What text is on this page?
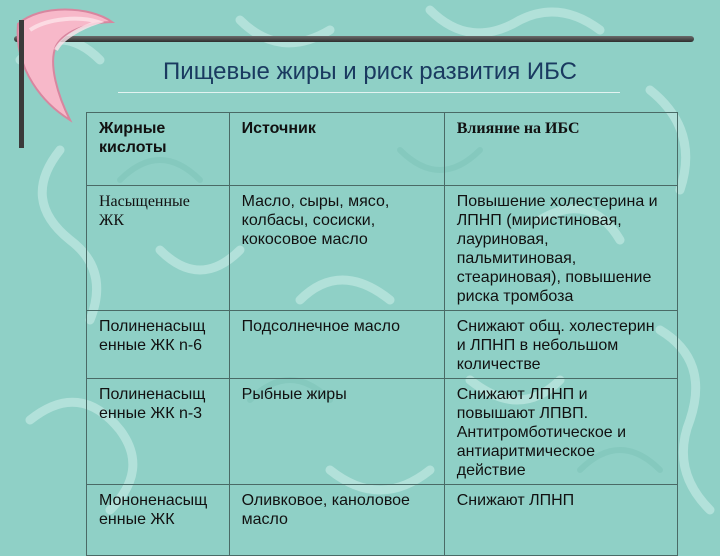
Пищевые жиры и риск развития ИБС
Жирные кислоты	Источник	Влияние на ИБС
Насыщенные ЖК	Масло, сыры, мясо, колбасы, сосиски, кокосовое масло	Повышение холестерина и ЛПНП (миристиновая, лауриновая, пальмитиновая, стеариновая), повышение риска тромбоза
Полиненасыщ енные ЖК n-6	Подсолнечное масло	Снижают общ. холестерин и ЛПНП в небольшом количестве
Полиненасыщ енные ЖК n-3	Рыбные жиры	Снижают ЛПНП и повышают ЛПВП. Антитромботическое и антиаритмическое действие
Мононенасыщ енные ЖК	Оливковое, каноловое масло	Снижают ЛПНП
